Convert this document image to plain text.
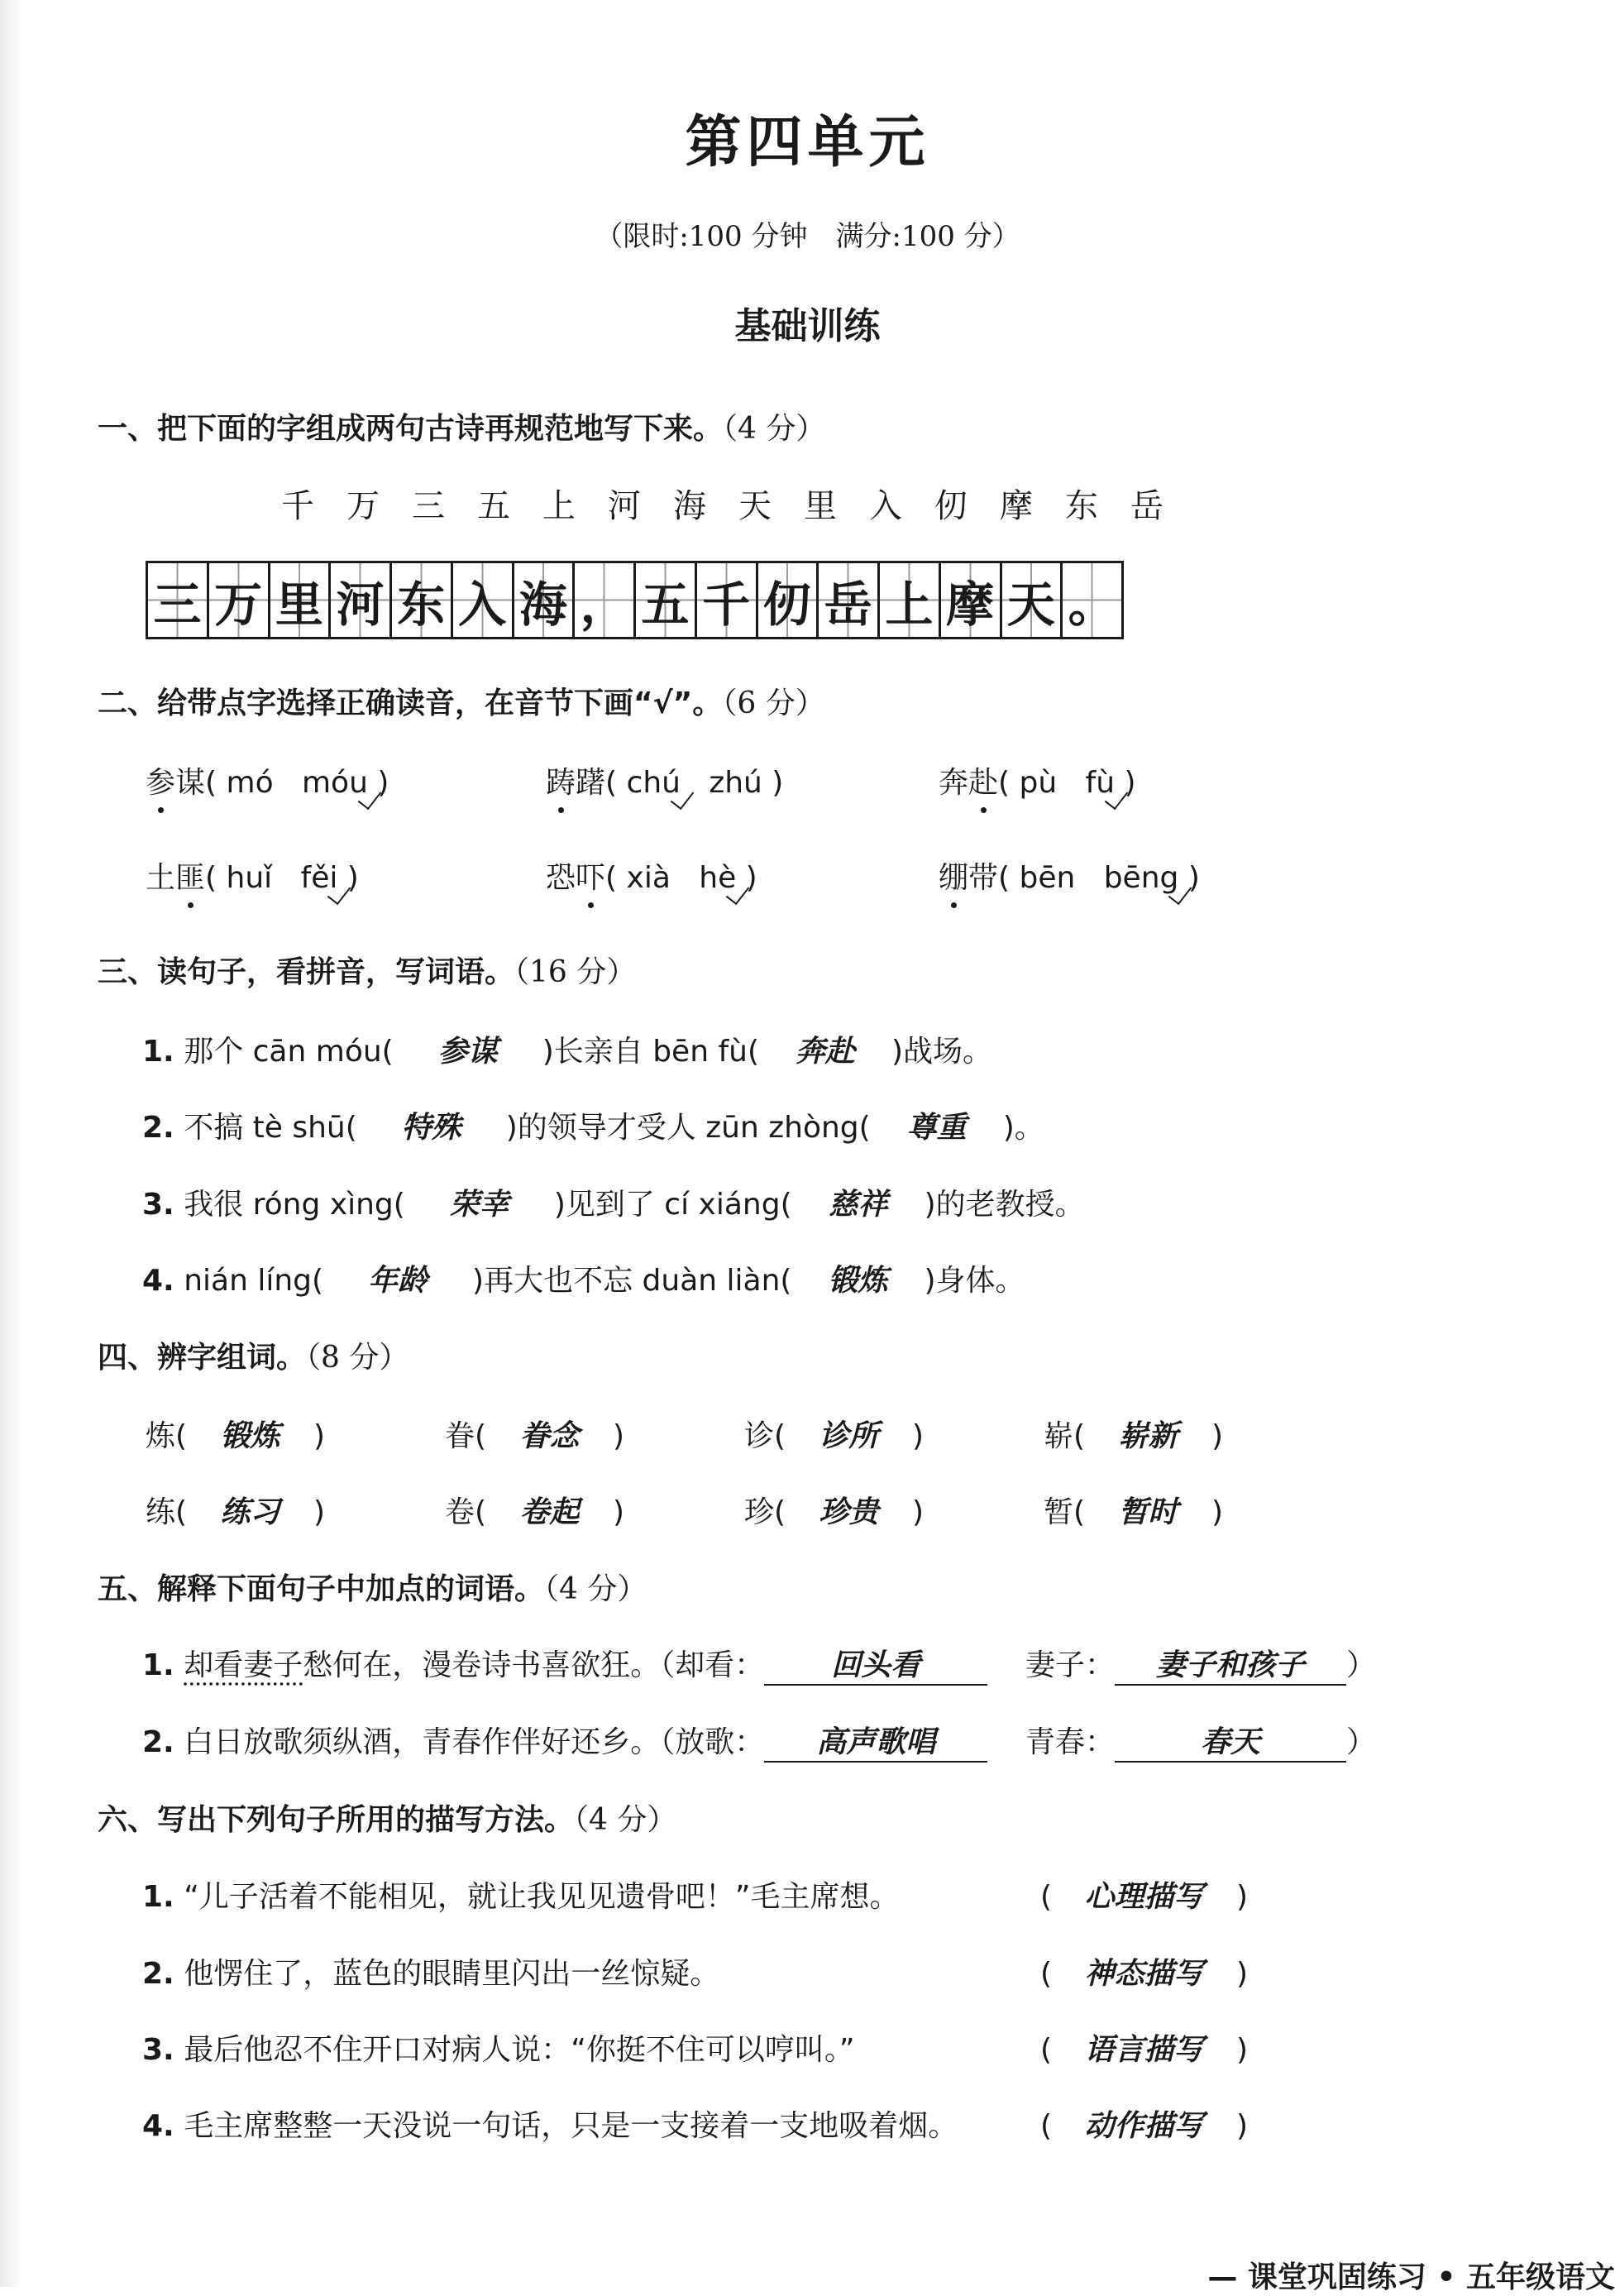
第四单元
（限时:100 分钟　满分:100 分）
基础训练
一、把下面的字组成两句古诗再规范地写下来。（4 分）
千 万 三 五 上 河 海 天 里 入 仞 摩 东 岳
三 万 里 河 东 入 海 ， 五 千 仞 岳 上 摩 天 。
二、给带点字选择正确读音，在音节下画“√”。（6 分）
参谋( mó móu )	踌躇( chú zhú )	奔赴( pù fù )
土匪( huǐ fěi )	恐吓( xià hè )	绷带( bēn bēng )
三、读句子，看拼音，写词语。（16 分）
1. 那个 cān móu( 参谋 )长亲自 bēn fù( 奔赴 )战场。
2. 不搞 tè shū( 特殊 )的领导才受人 zūn zhòng( 尊重 )。
3. 我很 róng xìng( 荣幸 )见到了 cí xiáng( 慈祥 )的老教授。
4. nián líng( 年龄 )再大也不忘 duàn liàn( 锻炼 )身体。
四、辨字组词。（8 分）
炼( 锻炼 )	眷( 眷念 )	诊( 诊所 )	崭( 崭新 )
练( 练习 )	卷( 卷起 )	珍( 珍贵 )	暂( 暂时 )
五、解释下面句子中加点的词语。（4 分）
1. 却看妻子愁何在，漫卷诗书喜欲狂。（却看： 回头看	妻子： 妻子和孩子 ）
2. 白日放歌须纵酒，青春作伴好还乡。（放歌： 高声歌唱	青春：	春天	）
六、写出下列句子所用的描写方法。（4 分）
1. “儿子活着不能相见，就让我见见遗骨吧！”毛主席想。	( 心理描写 )
2. 他愣住了，蓝色的眼睛里闪出一丝惊疑。	( 神态描写 )
3. 最后他忍不住开口对病人说：“你挺不住可以哼叫。”	( 语言描写 )
4. 毛主席整整一天没说一句话，只是一支接着一支地吸着烟。	( 动作描写 )
— 课堂巩固练习 • 五年级语文
